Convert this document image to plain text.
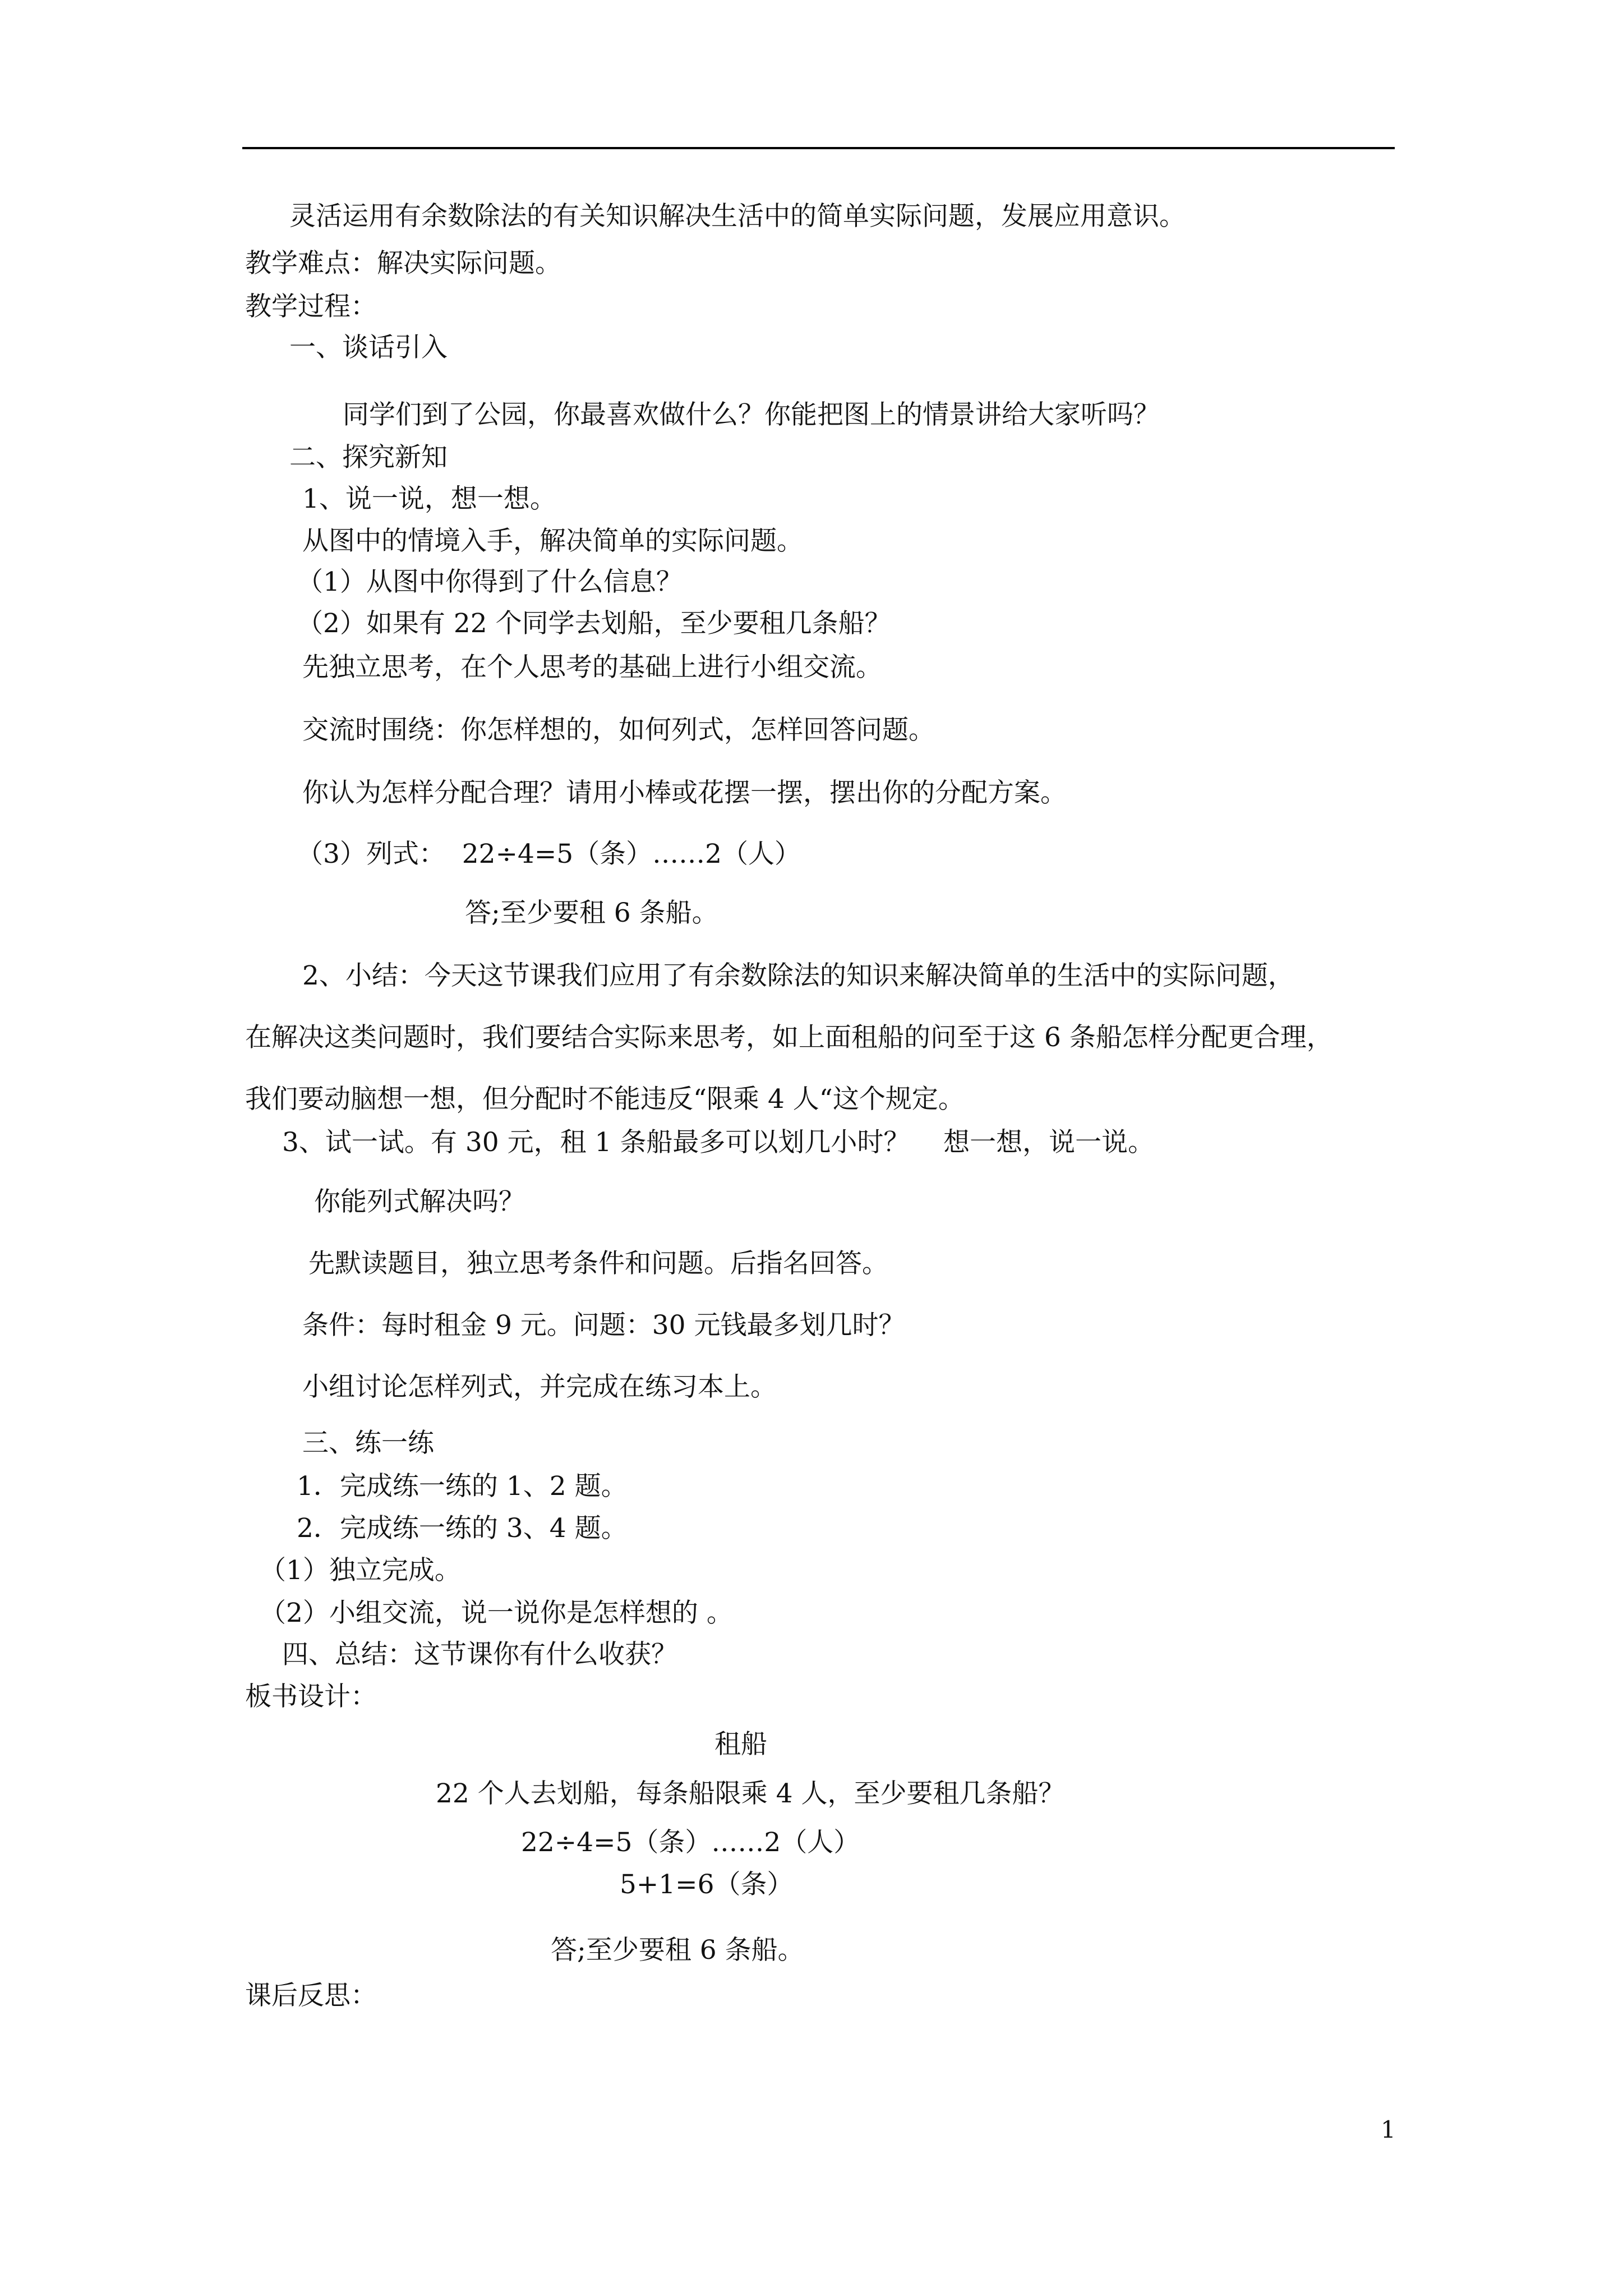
灵活运用有余数除法的有关知识解决生活中的简单实际问题，发展应用意识。
教学难点：解决实际问题。
教学过程：
一、谈话引入
同学们到了公园，你最喜欢做什么？你能把图上的情景讲给大家听吗？
二、探究新知
1、说一说，想一想。
从图中的情境入手，解决简单的实际问题。
（1）从图中你得到了什么信息？
（2）如果有 22 个同学去划船，至少要租几条船？
先独立思考，在个人思考的基础上进行小组交流。
交流时围绕：你怎样想的，如何列式，怎样回答问题。
你认为怎样分配合理？请用小棒或花摆一摆，摆出你的分配方案。
（3）列式：  22÷4=5（条）……2（人）
答;至少要租 6 条船。
2、小结：今天这节课我们应用了有余数除法的知识来解决简单的生活中的实际问题，
在解决这类问题时，我们要结合实际来思考，如上面租船的问至于这 6 条船怎样分配更合理，
我们要动脑想一想，但分配时不能违反“限乘 4 人“这个规定。
3、试一试。有 30 元，租 1 条船最多可以划几小时？    想一想，说一说。
你能列式解决吗？
先默读题目，独立思考条件和问题。后指名回答。
条件：每时租金 9 元。问题：30 元钱最多划几时？
小组讨论怎样列式，并完成在练习本上。
三、练一练
1．完成练一练的 1、2 题。
2．完成练一练的 3、4 题。
（1）独立完成。
（2）小组交流，说一说你是怎样想的 。
四、总结：这节课你有什么收获？
板书设计：
租船
22 个人去划船，每条船限乘 4 人，至少要租几条船？
22÷4=5（条）……2（人）
5+1=6（条）
答;至少要租 6 条船。
课后反思：
1
